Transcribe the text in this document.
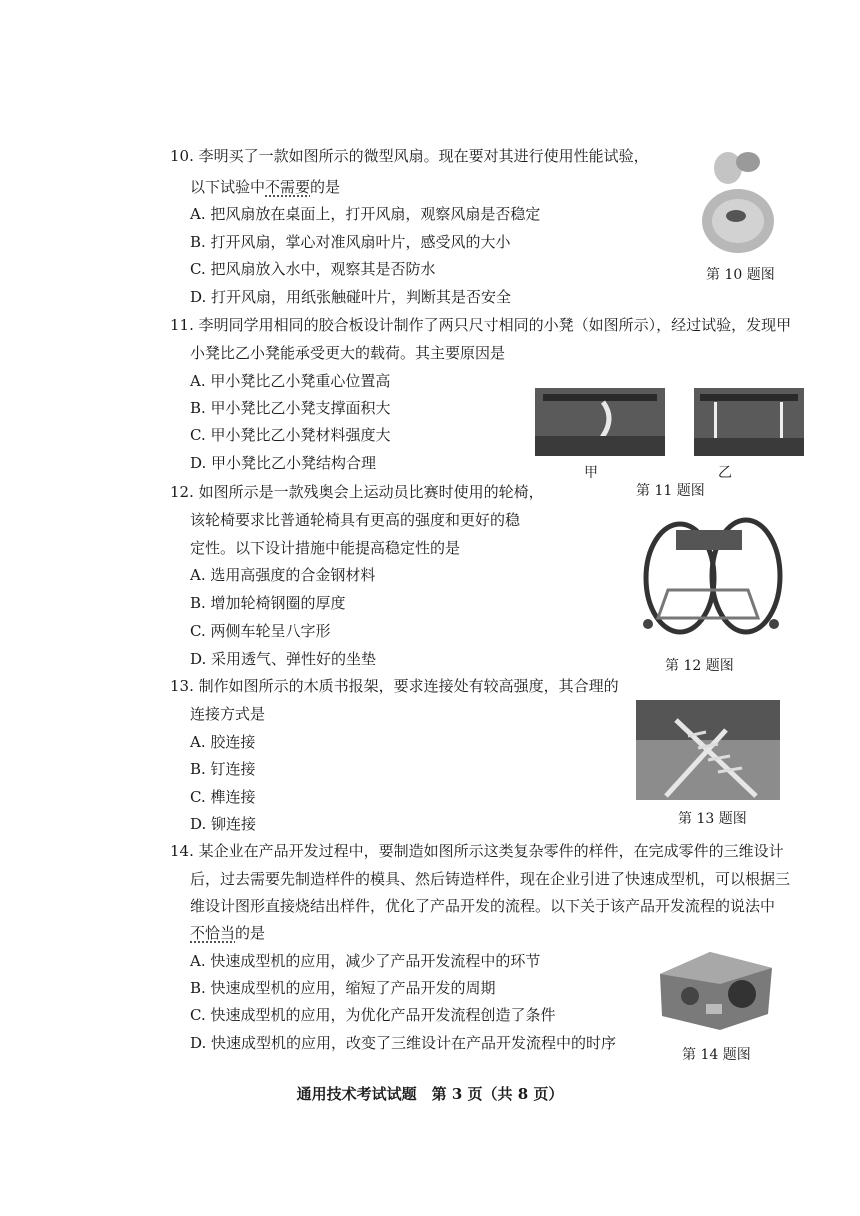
10. 李明买了一款如图所示的微型风扇。现在要对其进行使用性能试验，
以下试验中不需要的是
A. 把风扇放在桌面上，打开风扇，观察风扇是否稳定
B. 打开风扇，掌心对准风扇叶片，感受风的大小
C. 把风扇放入水中，观察其是否防水
D. 打开风扇，用纸张触碰叶片，判断其是否安全
第 10 题图
11. 李明同学用相同的胶合板设计制作了两只尺寸相同的小凳（如图所示），经过试验，发现甲
小凳比乙小凳能承受更大的载荷。其主要原因是
A. 甲小凳比乙小凳重心位置高
B. 甲小凳比乙小凳支撑面积大
C. 甲小凳比乙小凳材料强度大
D. 甲小凳比乙小凳结构合理
甲	乙
第 11 题图
12. 如图所示是一款残奥会上运动员比赛时使用的轮椅，
该轮椅要求比普通轮椅具有更高的强度和更好的稳
定性。以下设计措施中能提高稳定性的是
A. 选用高强度的合金钢材料
B. 增加轮椅钢圈的厚度
C. 两侧车轮呈八字形
D. 采用透气、弹性好的坐垫	第 12 题图
13. 制作如图所示的木质书报架，要求连接处有较高强度，其合理的
连接方式是
A. 胶连接
B. 钉连接
C. 榫连接
D. 铆连接	第 13 题图
14. 某企业在产品开发过程中，要制造如图所示这类复杂零件的样件，在完成零件的三维设计
后，过去需要先制造样件的模具、然后铸造样件，现在企业引进了快速成型机，可以根据三
维设计图形直接烧结出样件，优化了产品开发的流程。以下关于该产品开发流程的说法中
不恰当的是
A. 快速成型机的应用，减少了产品开发流程中的环节
B. 快速成型机的应用，缩短了产品开发的周期
C. 快速成型机的应用，为优化产品开发流程创造了条件
D. 快速成型机的应用，改变了三维设计在产品开发流程中的时序
第 14 题图
通用技术考试试题　第 3 页（共 8 页）
